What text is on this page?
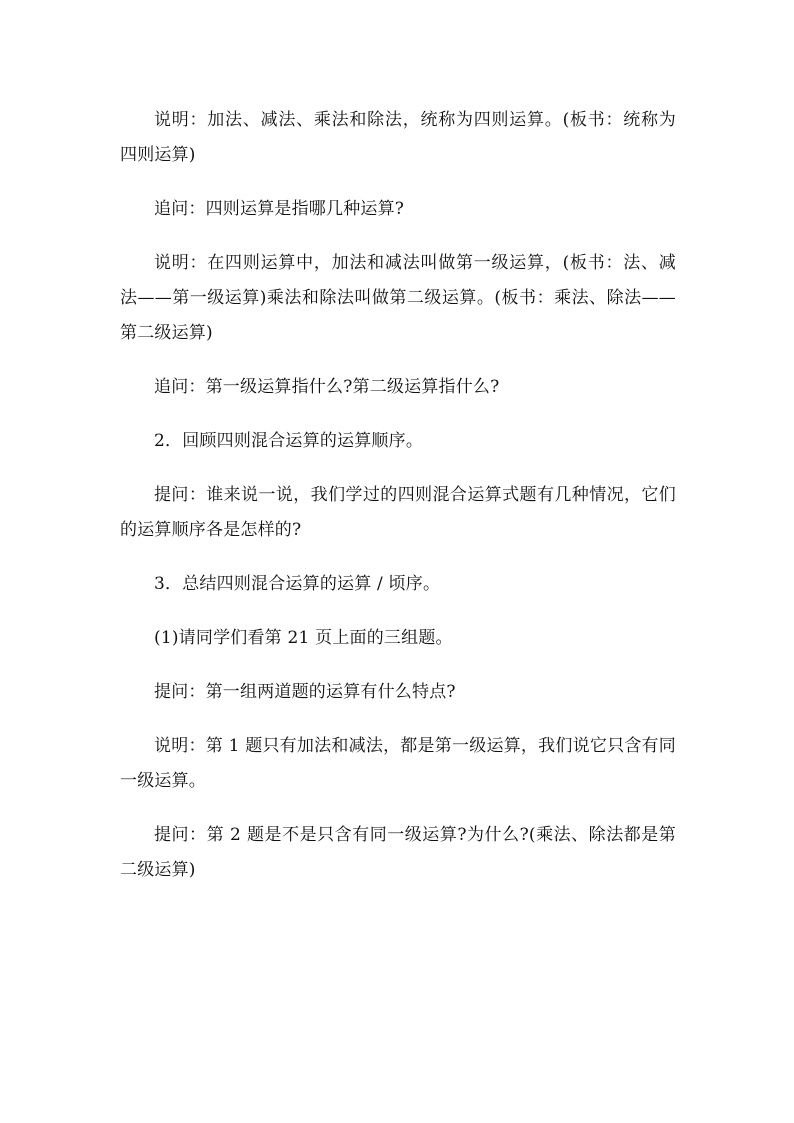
说明：加法、减法、乘法和除法，统称为四则运算。(板书：统称为四则运算)

追问：四则运算是指哪几种运算?

说明：在四则运算中，加法和减法叫做第一级运算，(板书：法、减法——第一级运算)乘法和除法叫做第二级运算。(板书：乘法、除法——第二级运算)

追问：第一级运算指什么?第二级运算指什么?

2．回顾四则混合运算的运算顺序。

提问：谁来说一说，我们学过的四则混合运算式题有几种情况，它们的运算顺序各是怎样的?

3．总结四则混合运算的运算 / 顷序。

(1)请同学们看第 21 页上面的三组题。

提问：第一组两道题的运算有什么特点?

说明：第 1 题只有加法和减法，都是第一级运算，我们说它只含有同一级运算。

提问：第 2 题是不是只含有同一级运算?为什么?(乘法、除法都是第二级运算)
